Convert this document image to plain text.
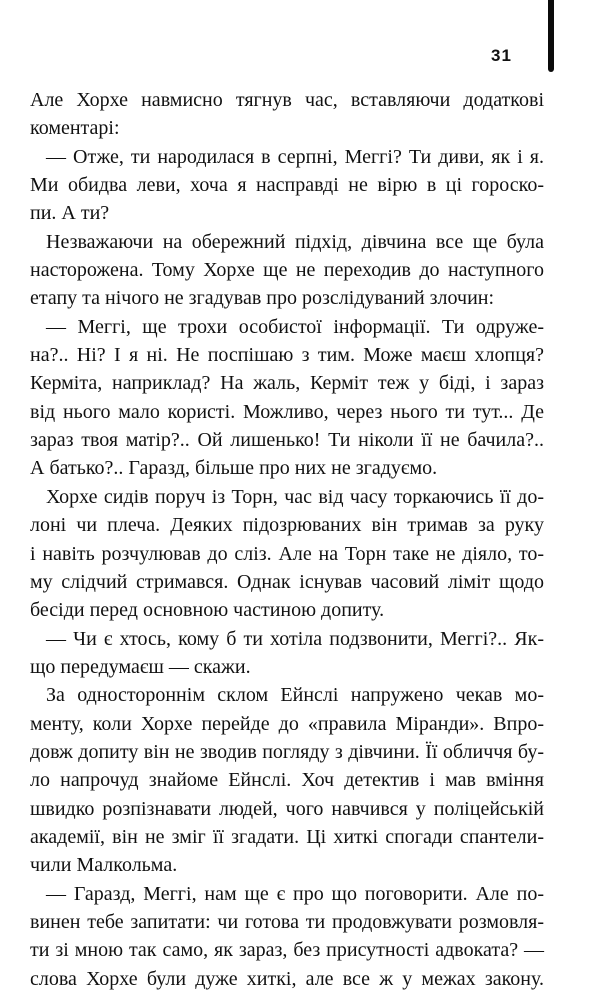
31
Але Хорхе навмисно тягнув час, вставляючи додаткові
коментарі:
— Отже, ти народилася в серпні, Меггі? Ти диви, як і я.
Ми обидва леви, хоча я насправді не вірю в ці гороско-
пи. А ти?
Незважаючи на обережний підхід, дівчина все ще була
насторожена. Тому Хорхе ще не переходив до наступного
етапу та нічого не згадував про розслідуваний злочин:
— Меггі, ще трохи особистої інформації. Ти одруже-
на?.. Ні? І я ні. Не поспішаю з тим. Може маєш хлопця?
Керміта, наприклад? На жаль, Керміт теж у біді, і зараз
від нього мало користі. Можливо, через нього ти тут... Де
зараз твоя матір?.. Ой лишенько! Ти ніколи її не бачила?..
А батько?.. Гаразд, більше про них не згадуємо.
Хорхе сидів поруч із Торн, час від часу торкаючись її до-
лоні чи плеча. Деяких підозрюваних він тримав за руку
і навіть розчулював до сліз. Але на Торн таке не діяло, то-
му слідчий стримався. Однак існував часовий ліміт щодо
бесіди перед основною частиною допиту.
— Чи є хтось, кому б ти хотіла подзвонити, Меггі?.. Як-
що передумаєш — скажи.
За одностороннім склом Ейнслі напружено чекав мо-
менту, коли Хорхе перейде до «правила Міранди». Впро-
довж допиту він не зводив погляду з дівчини. Її обличчя бу-
ло напрочуд знайоме Ейнслі. Хоч детектив і мав вміння
швидко розпізнавати людей, чого навчився у поліцейській
академії, він не зміг її згадати. Ці хиткі спогади спантели-
чили Малкольма.
— Гаразд, Меггі, нам ще є про що поговорити. Але по-
винен тебе запитати: чи готова ти продовжувати розмовля-
ти зі мною так само, як зараз, без присутності адвоката? —
слова Хорхе були дуже хиткі, але все ж у межах закону.
